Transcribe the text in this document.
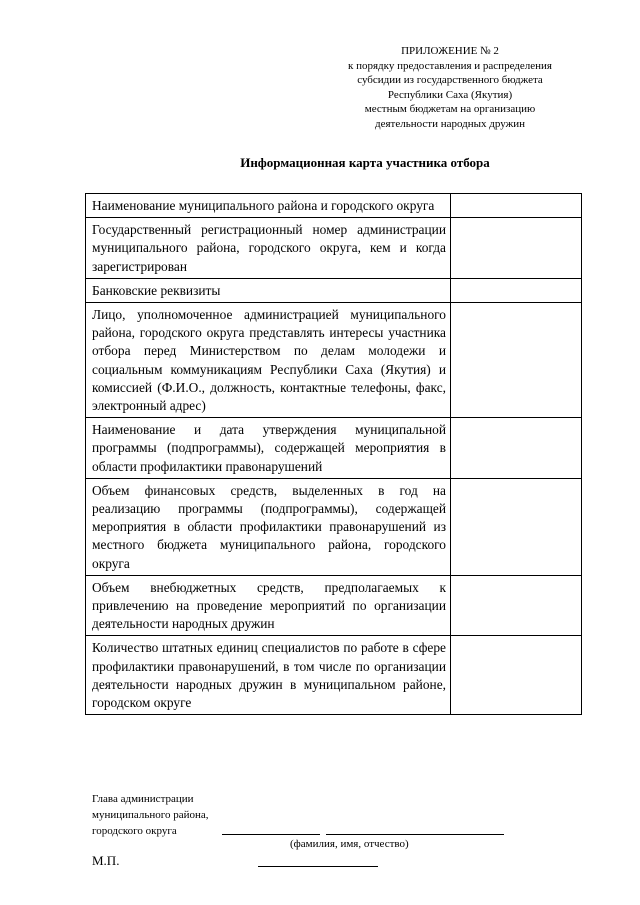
ПРИЛОЖЕНИЕ № 2
к порядку предоставления и распределения
субсидии из государственного бюджета
Республики Саха (Якутия)
местным бюджетам на организацию
деятельности народных дружин
Информационная карта участника отбора
Наименование муниципального района и городского округа	
Государственный регистрационный номер администрации муниципального района, городского округа, кем и когда зарегистрирован	
Банковские реквизиты	
Лицо, уполномоченное администрацией муниципального района, городского округа представлять интересы участника отбора перед Министерством по делам молодежи и социальным коммуникациям Республики Саха (Якутия) и комиссией (Ф.И.О., должность, контактные телефоны, факс, электронный адрес)	
Наименование и дата утверждения муниципальной программы (подпрограммы), содержащей мероприятия в области профилактики правонарушений	
Объем финансовых средств, выделенных в год на реализацию программы (подпрограммы), содержащей мероприятия в области профилактики правонарушений из местного бюджета муниципального района, городского округа	
Объем внебюджетных средств, предполагаемых к привлечению на проведение мероприятий по организации деятельности народных дружин	
Количество штатных единиц специалистов по работе в сфере профилактики правонарушений, в том числе по организации деятельности народных дружин в муниципальном районе, городском округе	
Глава администрации
муниципального района,
городского округа
(фамилия, имя, отчество)
М.П.
